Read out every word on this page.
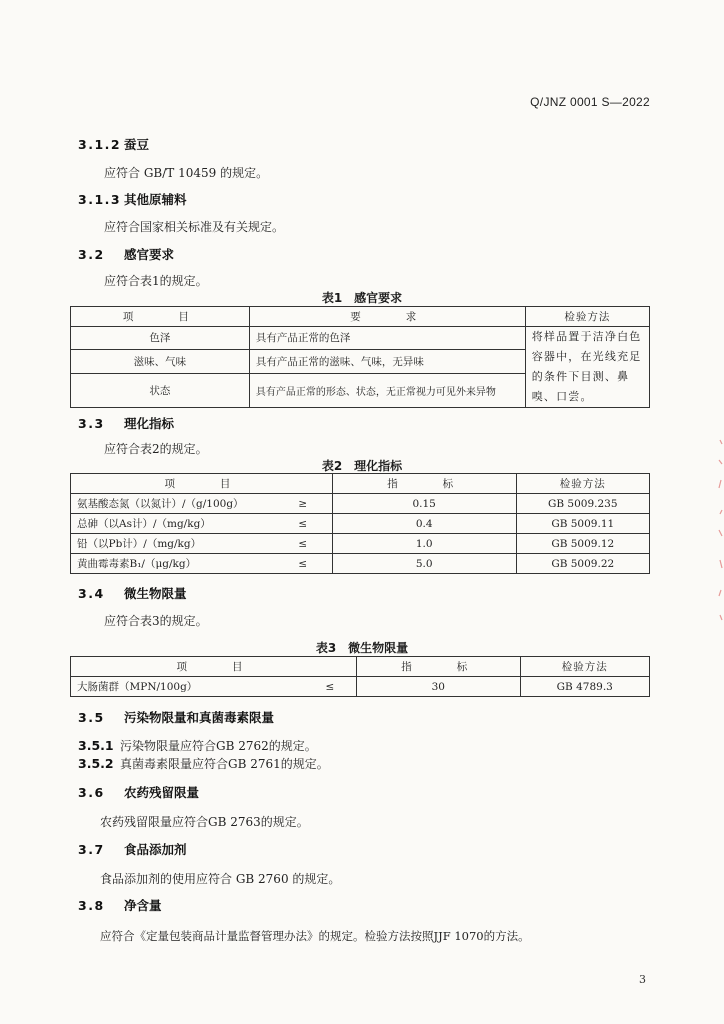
Q/JNZ 0001 S—2022
3.1.2 蚕豆
应符合 GB/T 10459 的规定。
3.1.3 其他原辅料
应符合国家相关标准及有关规定。
3.2 感官要求
应符合表1的规定。
表1　感官要求
项　　目	要　　求	检验方法
色泽	具有产品正常的色泽	将样品置于洁净白色容器中，在光线充足的条件下目测、鼻嗅、口尝。
滋味、气味	具有产品正常的滋味、气味，无异味	
状态	具有产品正常的形态、状态，无正常视力可见外来异物	
3.3 理化指标
应符合表2的规定。
表2　理化指标
项　　目		指　　标	检验方法
氨基酸态氮（以氮计）/（g/100g）	≥	0.15	GB 5009.235
总砷（以As计）/（mg/kg）	≤	0.4	GB 5009.11
铅（以Pb计）/（mg/kg）	≤	1.0	GB 5009.12
黄曲霉毒素B₁/（μg/kg）	≤	5.0	GB 5009.22
3.4 微生物限量
应符合表3的规定。
表3　微生物限量
项　　目		指　　标	检验方法
大肠菌群（MPN/100g）	≤	30	GB 4789.3
3.5 污染物限量和真菌毒素限量
3.5.1 污染物限量应符合GB 2762的规定。
3.5.2 真菌毒素限量应符合GB 2761的规定。
3.6 农药残留限量
农药残留限量应符合GB 2763的规定。
3.7 食品添加剂
食品添加剂的使用应符合 GB 2760 的规定。
3.8 净含量
应符合《定量包装商品计量监督管理办法》的规定。检验方法按照JJF 1070的方法。
3
